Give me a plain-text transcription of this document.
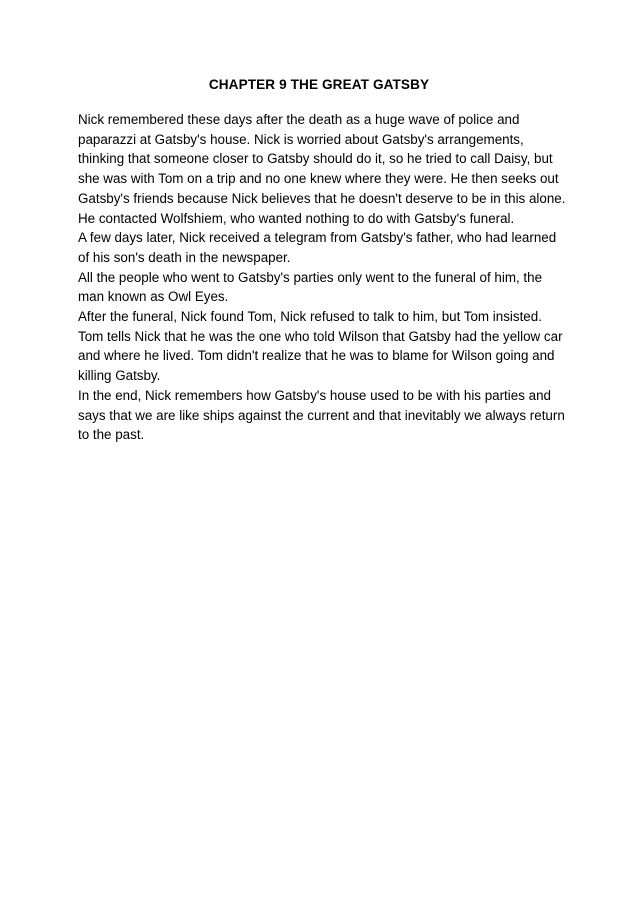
CHAPTER 9 THE GREAT GATSBY

Nick remembered these days after the death as a huge wave of police and paparazzi at Gatsby's house. Nick is worried about Gatsby's arrangements, thinking that someone closer to Gatsby should do it, so he tried to call Daisy, but she was with Tom on a trip and no one knew where they were. He then seeks out Gatsby's friends because Nick believes that he doesn't deserve to be in this alone. He contacted Wolfshiem, who wanted nothing to do with Gatsby's funeral.

A few days later, Nick received a telegram from Gatsby's father, who had learned of his son's death in the newspaper.

All the people who went to Gatsby's parties only went to the funeral of him, the man known as Owl Eyes.

After the funeral, Nick found Tom, Nick refused to talk to him, but Tom insisted. Tom tells Nick that he was the one who told Wilson that Gatsby had the yellow car and where he lived. Tom didn't realize that he was to blame for Wilson going and killing Gatsby.

In the end, Nick remembers how Gatsby's house used to be with his parties and says that we are like ships against the current and that inevitably we always return to the past.
